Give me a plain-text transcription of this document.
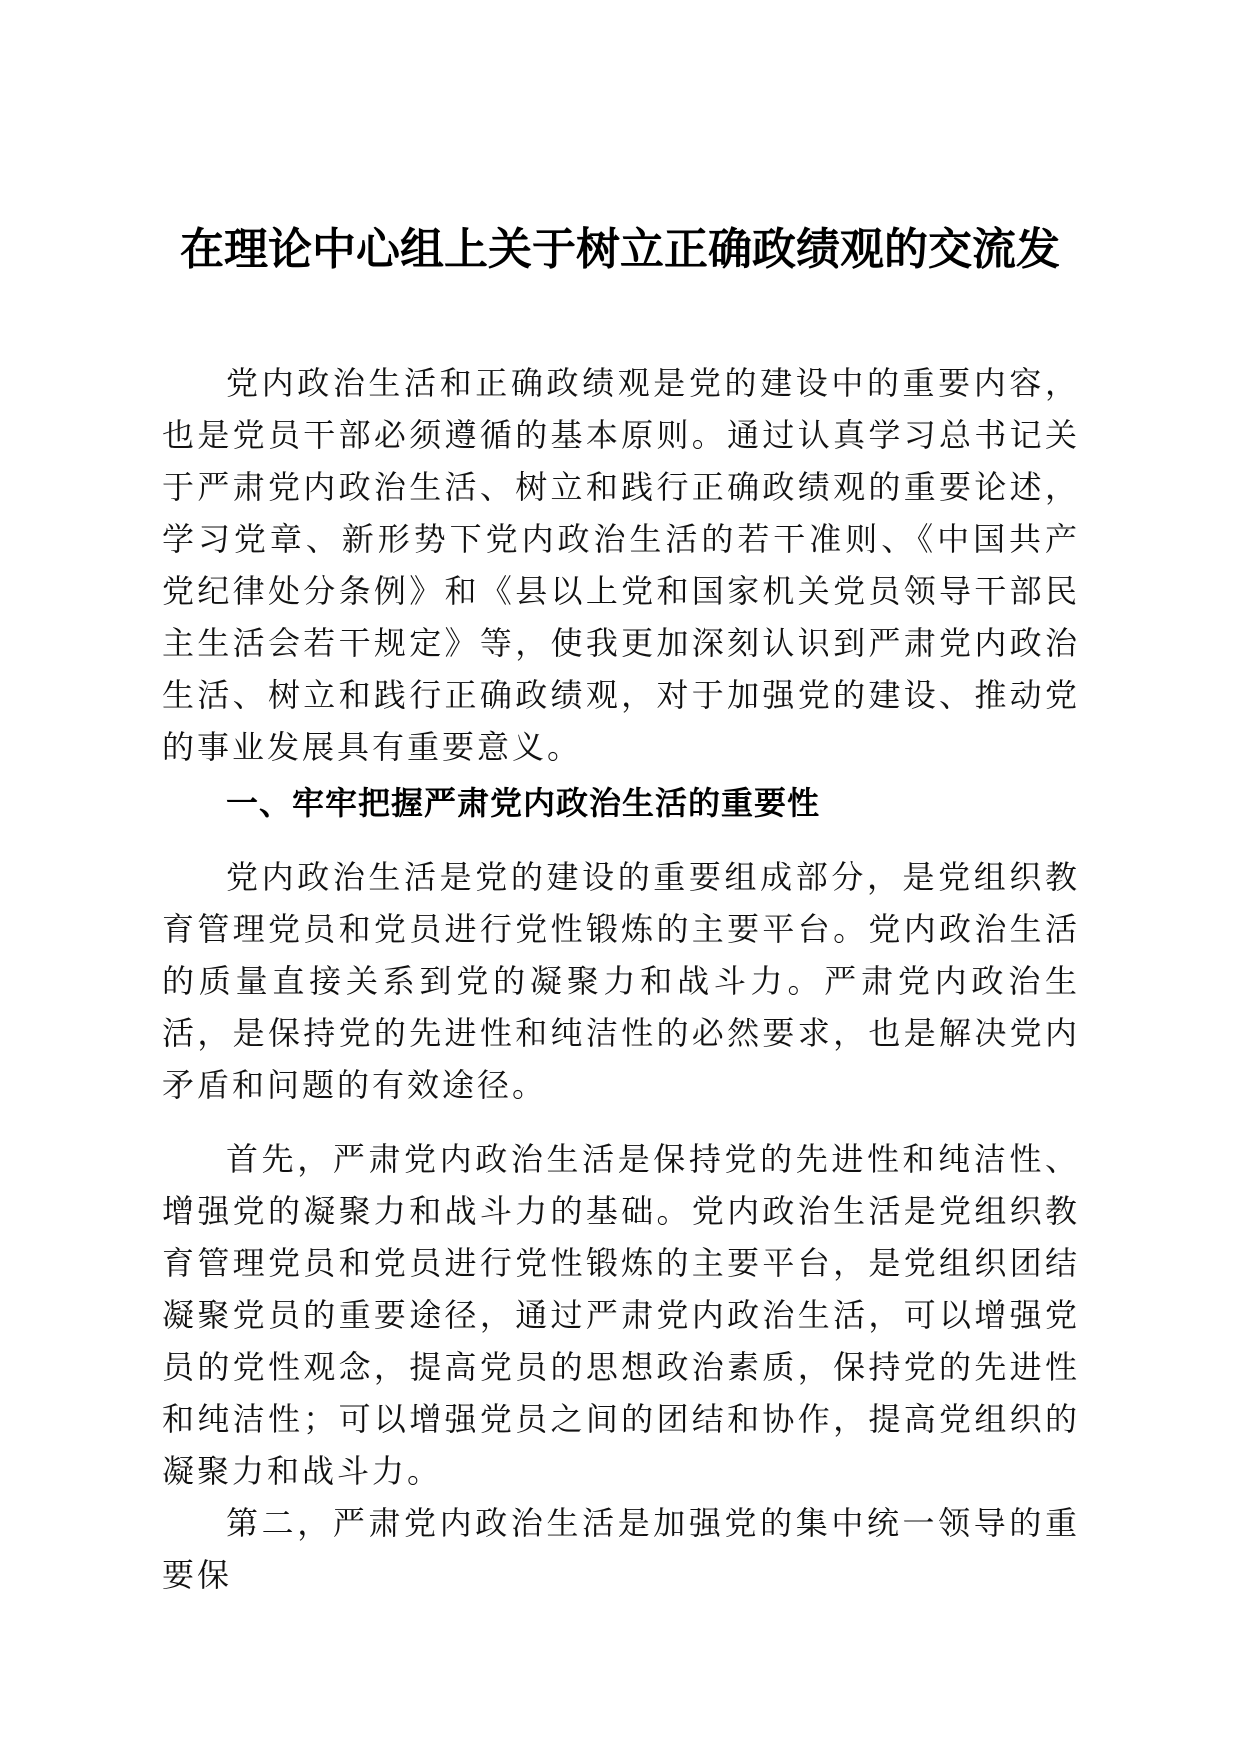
在理论中心组上关于树立正确政绩观的交流发

党内政治生活和正确政绩观是党的建设中的重要内容，也是党员干部必须遵循的基本原则。通过认真学习总书记关于严肃党内政治生活、树立和践行正确政绩观的重要论述，学习党章、新形势下党内政治生活的若干准则、《中国共产党纪律处分条例》和《县以上党和国家机关党员领导干部民主生活会若干规定》等，使我更加深刻认识到严肃党内政治生活、树立和践行正确政绩观，对于加强党的建设、推动党的事业发展具有重要意义。

一、牢牢把握严肃党内政治生活的重要性

党内政治生活是党的建设的重要组成部分，是党组织教育管理党员和党员进行党性锻炼的主要平台。党内政治生活的质量直接关系到党的凝聚力和战斗力。严肃党内政治生活，是保持党的先进性和纯洁性的必然要求，也是解决党内矛盾和问题的有效途径。

首先，严肃党内政治生活是保持党的先进性和纯洁性、增强党的凝聚力和战斗力的基础。党内政治生活是党组织教育管理党员和党员进行党性锻炼的主要平台，是党组织团结凝聚党员的重要途径，通过严肃党内政治生活，可以增强党员的党性观念，提高党员的思想政治素质，保持党的先进性和纯洁性；可以增强党员之间的团结和协作，提高党组织的凝聚力和战斗力。

第二，严肃党内政治生活是加强党的集中统一领导的重要保
